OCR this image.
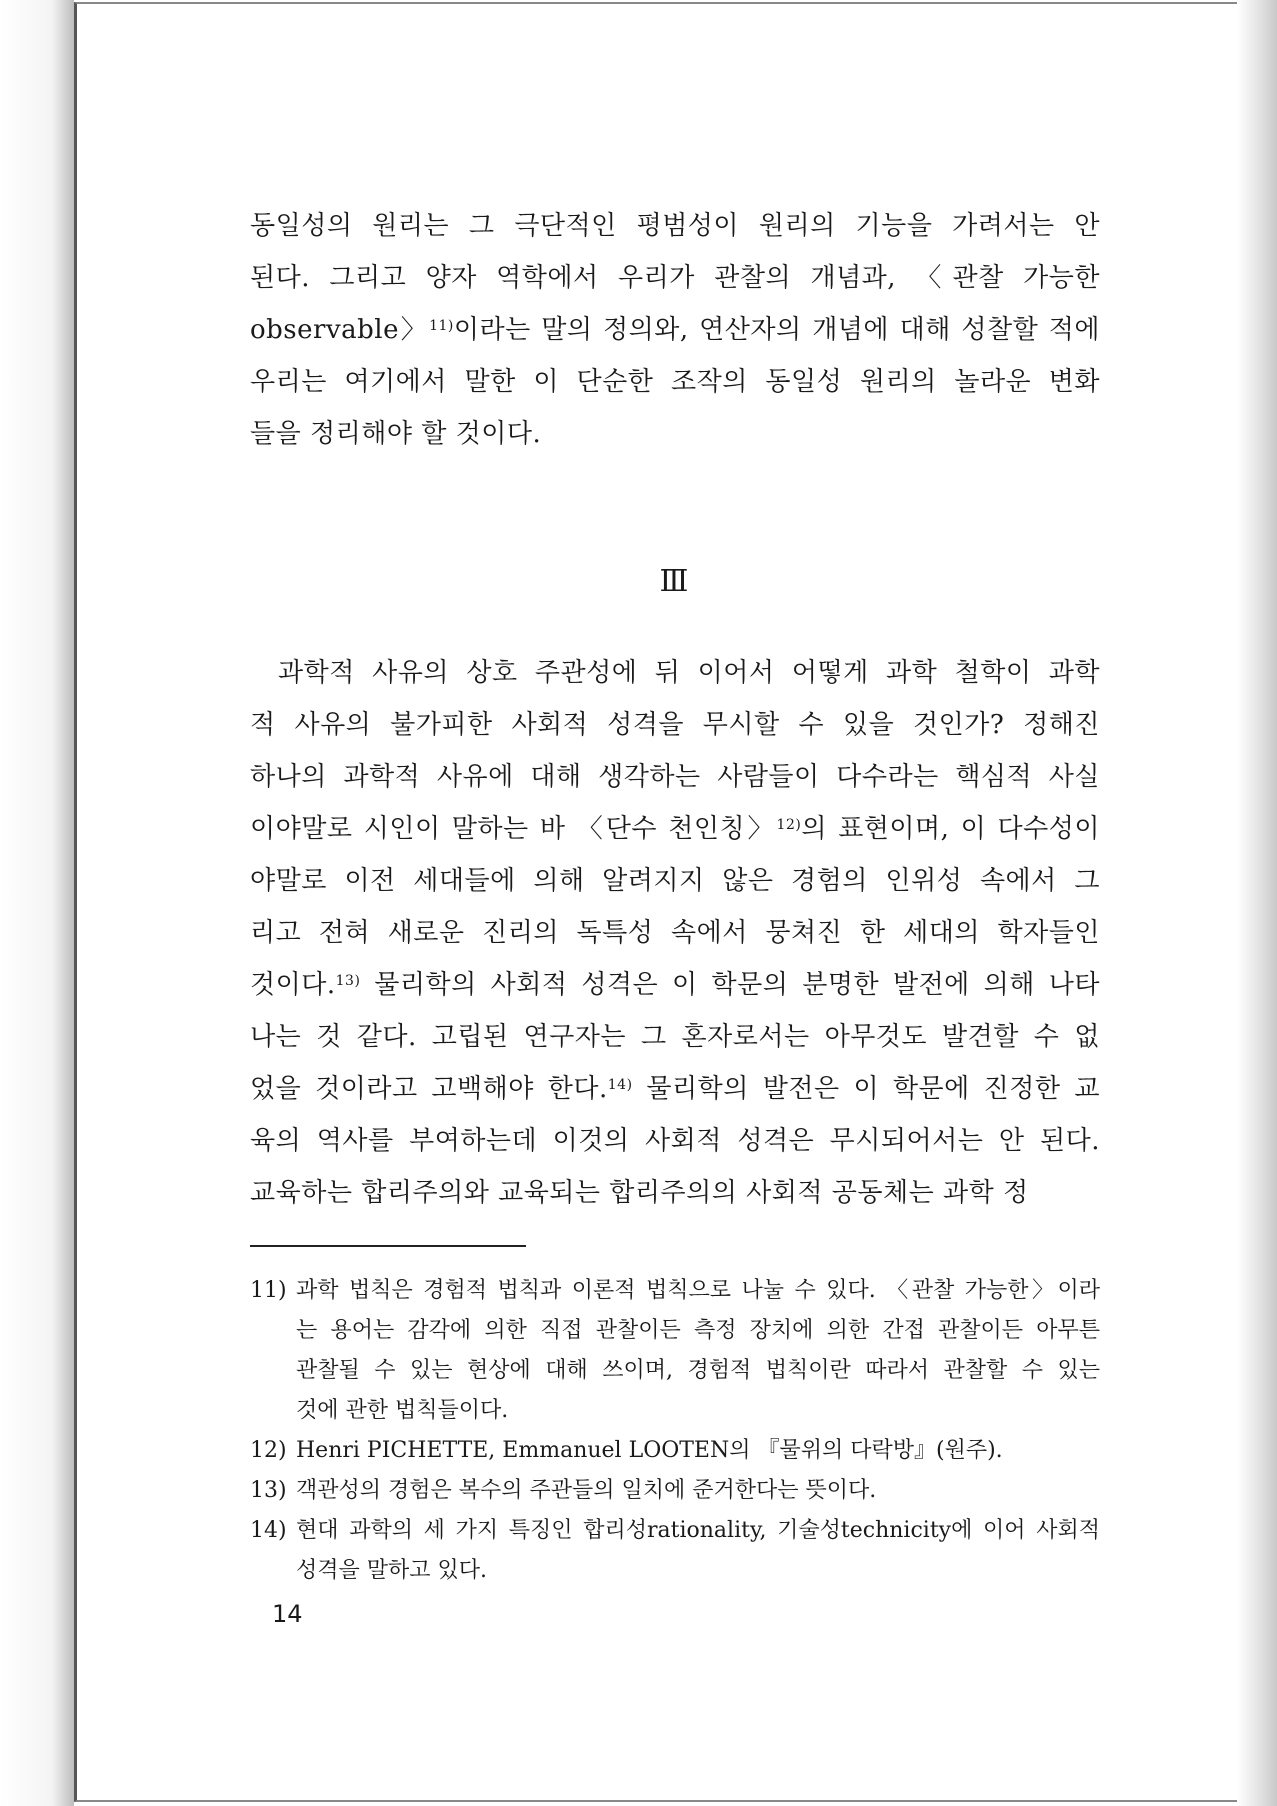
동일성의 원리는 그 극단적인 평범성이 원리의 기능을 가려서는 안
된다. 그리고 양자 역학에서 우리가 관찰의 개념과, 〈관찰 가능한
observable〉$^{11)}$이라는 말의 정의와, 연산자의 개념에 대해 성찰할 적에
우리는 여기에서 말한 이 단순한 조작의 동일성 원리의 놀라운 변화
들을 정리해야 할 것이다.

Ⅲ

과학적 사유의 상호 주관성에 뒤 이어서 어떻게 과학 철학이 과학
적 사유의 불가피한 사회적 성격을 무시할 수 있을 것인가? 정해진
하나의 과학적 사유에 대해 생각하는 사람들이 다수라는 핵심적 사실
이야말로 시인이 말하는 바 〈단수 천인칭〉$^{12)}$의 표현이며, 이 다수성이
야말로 이전 세대들에 의해 알려지지 않은 경험의 인위성 속에서 그
리고 전혀 새로운 진리의 독특성 속에서 뭉쳐진 한 세대의 학자들인
것이다.$^{13)}$ 물리학의 사회적 성격은 이 학문의 분명한 발전에 의해 나타
나는 것 같다. 고립된 연구자는 그 혼자로서는 아무것도 발견할 수 없
었을 것이라고 고백해야 한다.$^{14)}$ 물리학의 발전은 이 학문에 진정한 교
육의 역사를 부여하는데 이것의 사회적 성격은 무시되어서는 안 된다.
교육하는 합리주의와 교육되는 합리주의의 사회적 공동체는 과학 정

11) 과학 법칙은 경험적 법칙과 이론적 법칙으로 나눌 수 있다. 〈관찰 가능한〉이라
는 용어는 감각에 의한 직접 관찰이든 측정 장치에 의한 간접 관찰이든 아무튼
관찰될 수 있는 현상에 대해 쓰이며, 경험적 법칙이란 따라서 관찰할 수 있는
것에 관한 법칙들이다.
12) Henri PICHETTE, Emmanuel LOOTEN의 『물위의 다락방』(원주).
13) 객관성의 경험은 복수의 주관들의 일치에 준거한다는 뜻이다.
14) 현대 과학의 세 가지 특징인 합리성rationality, 기술성technicity에 이어 사회적
성격을 말하고 있다.
14
